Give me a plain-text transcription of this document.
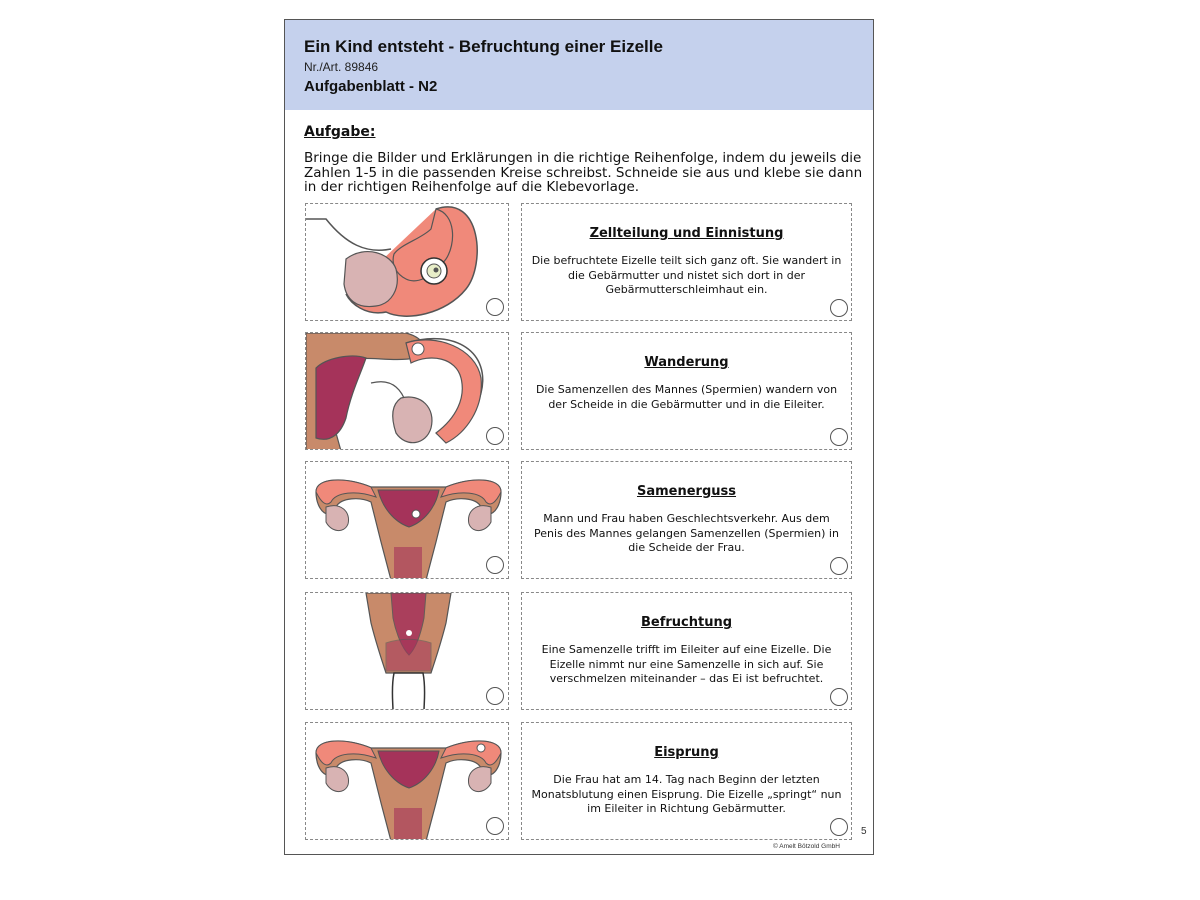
Ein Kind entsteht - Befruchtung einer Eizelle
Nr./Art. 89846
Aufgabenblatt - N2
Aufgabe:
Bringe die Bilder und Erklärungen in die richtige Reihenfolge, indem du jeweils die Zahlen 1-5 in die passenden Kreise schreibst. Schneide sie aus und klebe sie dann in der richtigen Reihenfolge auf die Klebevorlage.
Zellteilung und Einnistung
Die befruchtete Eizelle teilt sich ganz oft. Sie wandert in die Gebärmutter und nistet sich dort in der Gebärmutterschleimhaut ein.
Wanderung
Die Samenzellen des Mannes (Spermien) wandern von der Scheide in die Gebärmutter und in die Eileiter.
Samenerguss
Mann und Frau haben Geschlechtsverkehr. Aus dem Penis des Mannes gelangen Samenzellen (Spermien) in die Scheide der Frau.
Befruchtung
Eine Samenzelle trifft im Eileiter auf eine Eizelle. Die Eizelle nimmt nur eine Samenzelle in sich auf. Sie verschmelzen miteinander – das Ei ist befruchtet.
Eisprung
Die Frau hat am 14. Tag nach Beginn der letzten Monatsblutung einen Eisprung. Die Eizelle „springt“ nun im Eileiter in Richtung Gebärmutter.
5
© Amelt Bötzold GmbH
